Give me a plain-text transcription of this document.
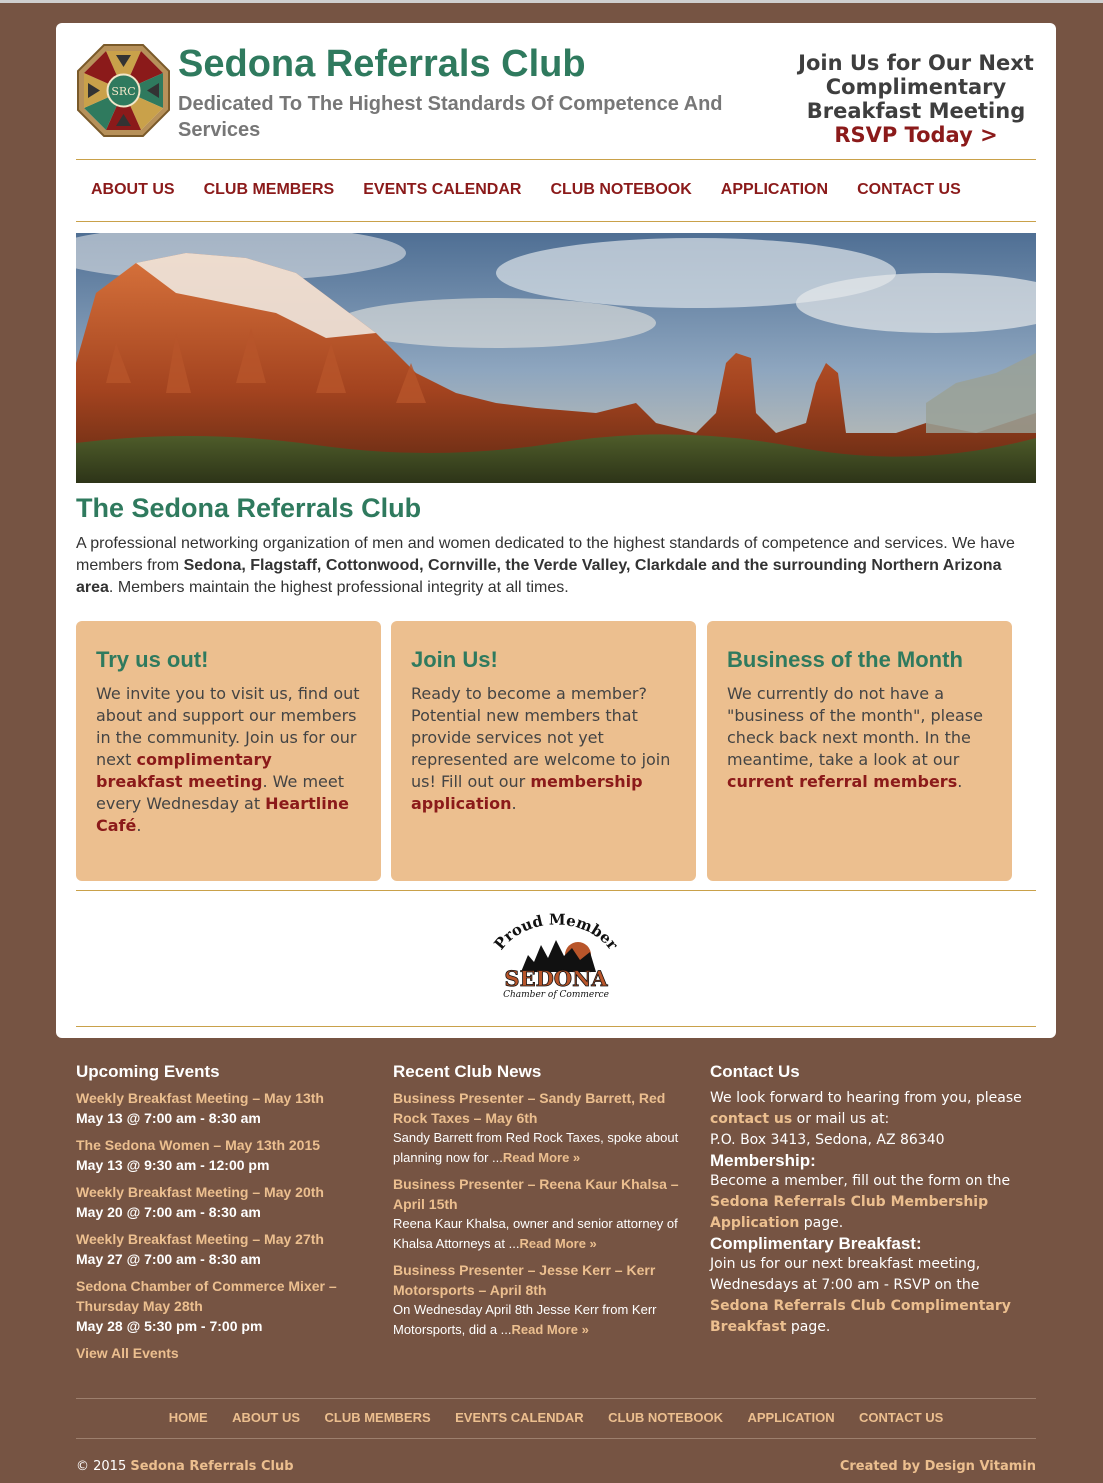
SRC
Sedona Referrals Club
Dedicated To The Highest Standards Of Competence And Services
Join Us for Our Next
Complimentary
Breakfast Meeting
RSVP Today >
ABOUT US CLUB MEMBERS EVENTS CALENDAR CLUB NOTEBOOK APPLICATION CONTACT US
The Sedona Referrals Club

A professional networking organization of men and women dedicated to the highest standards of competence and services. We have members from Sedona, Flagstaff, Cottonwood, Cornville, the Verde Valley, Clarkdale and the surrounding Northern Arizona area. Members maintain the highest professional integrity at all times.

Try us out!

We invite you to visit us, find out about and support our members in the community. Join us for our next complimentary breakfast meeting. We meet every Wednesday at Heartline Café.

Join Us!

Ready to become a member? Potential new members that provide services not yet represented are welcome to join us! Fill out our membership application.

Business of the Month

We currently do not have a "business of the month", please check back next month. In the meantime, take a look at our current referral members.

Proud Member
SEDONA
Chamber of Commerce
Upcoming Events
Weekly Breakfast Meeting – May 13th
May 13 @ 7:00 am - 8:30 am
The Sedona Women – May 13th 2015
May 13 @ 9:30 am - 12:00 pm
Weekly Breakfast Meeting – May 20th
May 20 @ 7:00 am - 8:30 am
Weekly Breakfast Meeting – May 27th
May 27 @ 7:00 am - 8:30 am
Sedona Chamber of Commerce Mixer – Thursday May 28th
May 28 @ 5:30 pm - 7:00 pm
View All Events
Recent Club News
Business Presenter – Sandy Barrett, Red Rock Taxes – May 6th
Sandy Barrett from Red Rock Taxes, spoke about planning now for ...Read More »
Business Presenter – Reena Kaur Khalsa – April 15th
Reena Kaur Khalsa, owner and senior attorney of Khalsa Attorneys at ...Read More »
Business Presenter – Jesse Kerr – Kerr Motorsports – April 8th
On Wednesday April 8th Jesse Kerr from Kerr Motorsports, did a ...Read More »
Contact Us

We look forward to hearing from you, please contact us or mail us at:
P.O. Box 3413, Sedona, AZ 86340

Membership:

Become a member, fill out the form on the Sedona Referrals Club Membership Application page.

Complimentary Breakfast:

Join us for our next breakfast meeting, Wednesdays at 7:00 am - RSVP on the Sedona Referrals Club Complimentary Breakfast page.

HOME ABOUT US CLUB MEMBERS EVENTS CALENDAR CLUB NOTEBOOK APPLICATION CONTACT US
© 2015 Sedona Referrals Club	Created by Design Vitamin
